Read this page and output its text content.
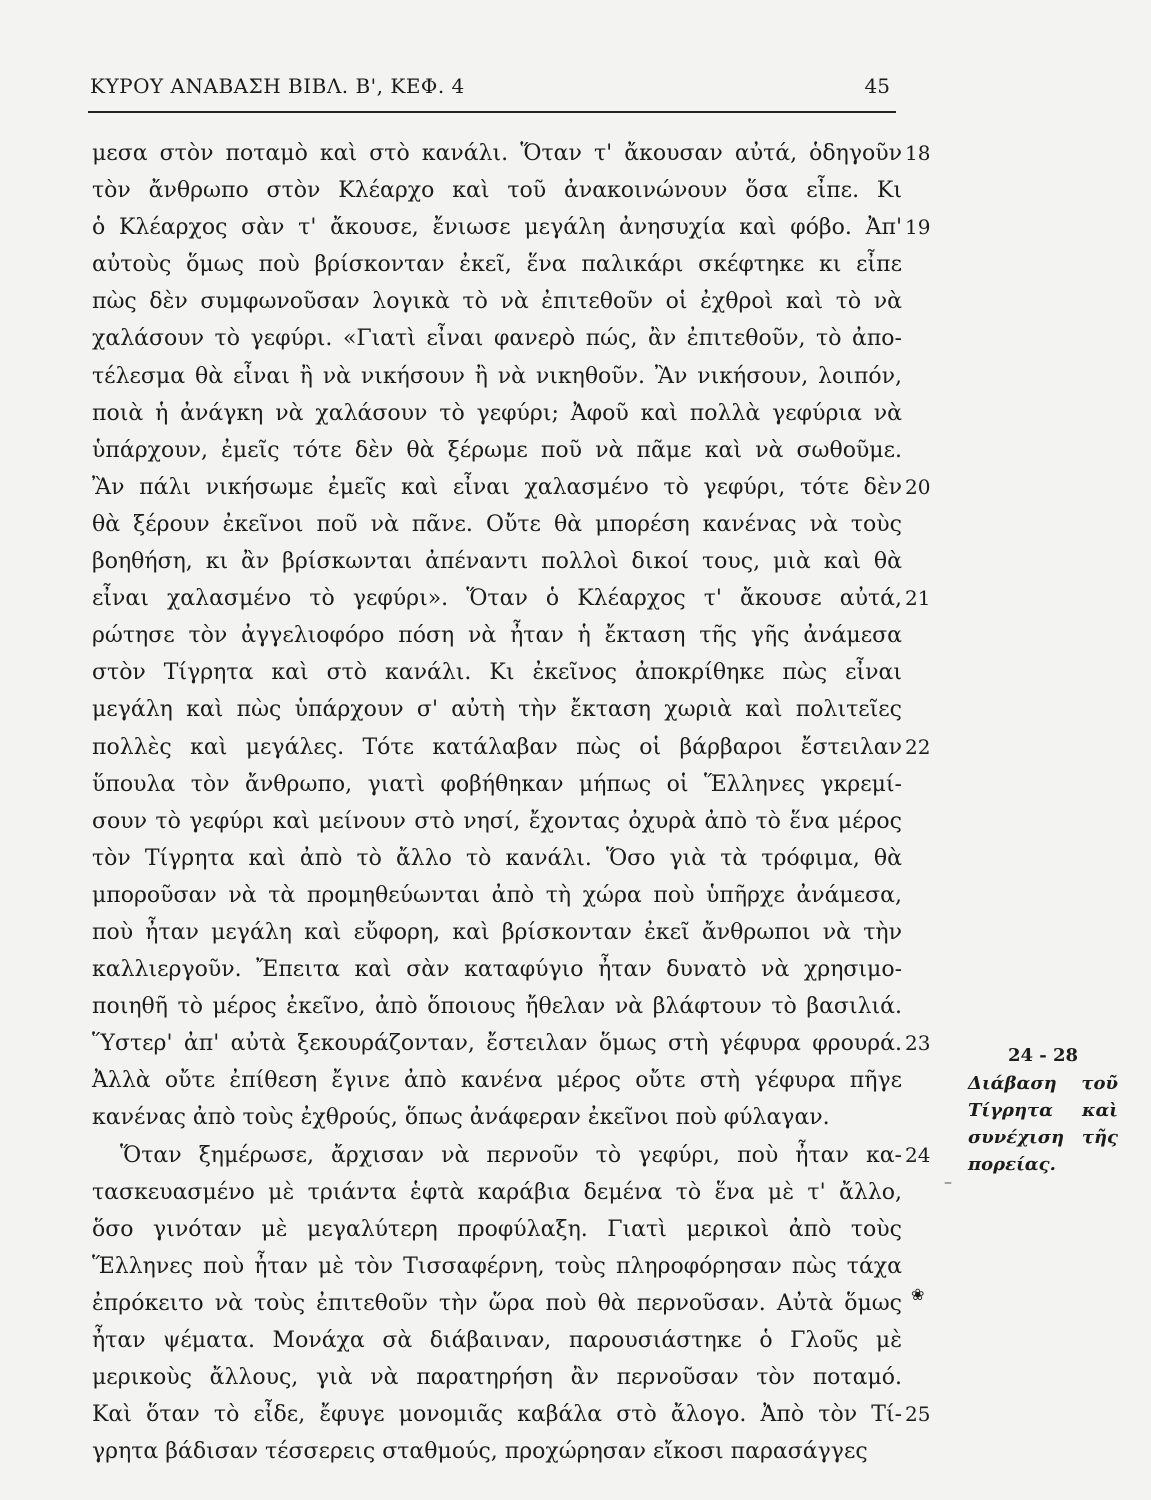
ΚΥΡΟΥ ΑΝΑΒΑΣΗ ΒΙΒΛ. Β', ΚΕΦ. 4	45
μεσα στὸν ποταμὸ καὶ στὸ κανάλι. Ὅταν τ' ἄκουσαν αὐτά, ὁδηγοῦν
τὸν ἄνθρωπο στὸν Κλέαρχο καὶ τοῦ ἀνακοινώνουν ὅσα εἶπε. Κι
ὁ Κλέαρχος σὰν τ' ἄκουσε, ἔνιωσε μεγάλη ἀνησυχία καὶ φόβο. Ἀπ'
αὐτοὺς ὅμως ποὺ βρίσκονταν ἐκεῖ, ἕνα παλικάρι σκέφτηκε κι εἶπε
πὼς δὲν συμφωνοῦσαν λογικὰ τὸ νὰ ἐπιτεθοῦν οἱ ἐχθροὶ καὶ τὸ νὰ
χαλάσουν τὸ γεφύρι. «Γιατὶ εἶναι φανερὸ πώς, ἂν ἐπιτεθοῦν, τὸ ἀπο-
τέλεσμα θὰ εἶναι ἢ νὰ νικήσουν ἢ νὰ νικηθοῦν. Ἂν νικήσουν, λοιπόν,
ποιὰ ἡ ἀνάγκη νὰ χαλάσουν τὸ γεφύρι; Ἀφοῦ καὶ πολλὰ γεφύρια νὰ
ὑπάρχουν, ἐμεῖς τότε δὲν θὰ ξέρωμε ποῦ νὰ πᾶμε καὶ νὰ σωθοῦμε.
Ἂν πάλι νικήσωμε ἐμεῖς καὶ εἶναι χαλασμένο τὸ γεφύρι, τότε δὲν
θὰ ξέρουν ἐκεῖνοι ποῦ νὰ πᾶνε. Οὔτε θὰ μπορέση κανένας νὰ τοὺς
βοηθήση, κι ἂν βρίσκωνται ἀπέναντι πολλοὶ δικοί τους, μιὰ καὶ θὰ
εἶναι χαλασμένο τὸ γεφύρι». Ὅταν ὁ Κλέαρχος τ' ἄκουσε αὐτά,
ρώτησε τὸν ἀγγελιοφόρο πόση νὰ ἦταν ἡ ἔκταση τῆς γῆς ἀνάμεσα
στὸν Τίγρητα καὶ στὸ κανάλι. Κι ἐκεῖνος ἀποκρίθηκε πὼς εἶναι
μεγάλη καὶ πὼς ὑπάρχουν σ' αὐτὴ τὴν ἔκταση χωριὰ καὶ πολιτεῖες
πολλὲς καὶ μεγάλες. Τότε κατάλαβαν πὼς οἱ βάρβαροι ἔστειλαν
ὕπουλα τὸν ἄνθρωπο, γιατὶ φοβήθηκαν μήπως οἱ Ἕλληνες γκρεμί-
σουν τὸ γεφύρι καὶ μείνουν στὸ νησί, ἔχοντας ὀχυρὰ ἀπὸ τὸ ἕνα μέρος
τὸν Τίγρητα καὶ ἀπὸ τὸ ἄλλο τὸ κανάλι. Ὅσο γιὰ τὰ τρόφιμα, θὰ
μποροῦσαν νὰ τὰ προμηθεύωνται ἀπὸ τὴ χώρα ποὺ ὑπῆρχε ἀνάμεσα,
ποὺ ἦταν μεγάλη καὶ εὔφορη, καὶ βρίσκονταν ἐκεῖ ἄνθρωποι νὰ τὴν
καλλιεργοῦν. Ἔπειτα καὶ σὰν καταφύγιο ἦταν δυνατὸ νὰ χρησιμο-
ποιηθῆ τὸ μέρος ἐκεῖνο, ἀπὸ ὅποιους ἤθελαν νὰ βλάφτουν τὸ βασιλιά.
Ὕστερ' ἀπ' αὐτὰ ξεκουράζονταν, ἔστειλαν ὅμως στὴ γέφυρα φρουρά.
Ἀλλὰ οὔτε ἐπίθεση ἔγινε ἀπὸ κανένα μέρος οὔτε στὴ γέφυρα πῆγε
κανένας ἀπὸ τοὺς ἐχθρούς, ὅπως ἀνάφεραν ἐκεῖνοι ποὺ φύλαγαν.
Ὅταν ξημέρωσε, ἄρχισαν νὰ περνοῦν τὸ γεφύρι, ποὺ ἦταν κα-
τασκευασμένο μὲ τριάντα ἑφτὰ καράβια δεμένα τὸ ἕνα μὲ τ' ἄλλο,
ὅσο γινόταν μὲ μεγαλύτερη προφύλαξη. Γιατὶ μερικοὶ ἀπὸ τοὺς
Ἕλληνες ποὺ ἦταν μὲ τὸν Τισσαφέρνη, τοὺς πληροφόρησαν πὼς τάχα
ἐπρόκειτο νὰ τοὺς ἐπιτεθοῦν τὴν ὥρα ποὺ θὰ περνοῦσαν. Αὐτὰ ὅμως
ἦταν ψέματα. Μονάχα σὰ διάβαιναν, παρουσιάστηκε ὁ Γλοῦς μὲ
μερικοὺς ἄλλους, γιὰ νὰ παρατηρήση ἂν περνοῦσαν τὸν ποταμό.
Καὶ ὅταν τὸ εἶδε, ἔφυγε μονομιᾶς καβάλα στὸ ἄλογο. Ἀπὸ τὸν Τί-
γρητα βάδισαν τέσσερεις σταθμούς, προχώρησαν εἴκοσι παρασάγγες
18
19
20
21
22
23
24
25
24 - 28
Διάβαση τοῦ
Τίγρητα καὶ
συνέχιση τῆς
πορείας.
–
❀
